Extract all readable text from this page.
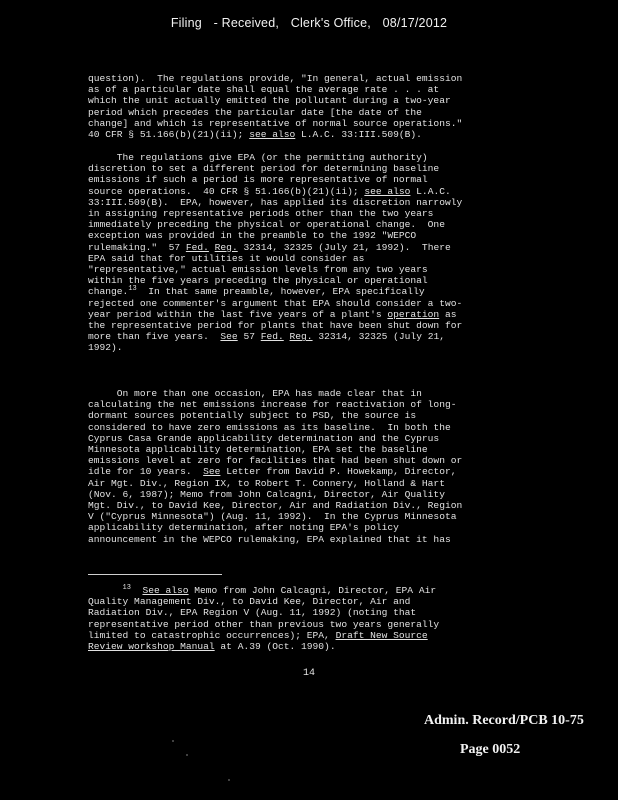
Filing - Received, Clerk's Office, 08/17/2012
question).  The regulations provide, "In general, actual emission
as of a particular date shall equal the average rate . . . at
which the unit actually emitted the pollutant during a two-year
period which precedes the particular date [the date of the
change] and which is representative of normal source operations."
40 CFR § 51.166(b)(21)(ii); see also L.A.C. 33:III.509(B).
The regulations give EPA (or the permitting authority)
discretion to set a different period for determining baseline
emissions if such a period is more representative of normal
source operations.  40 CFR § 51.166(b)(21)(ii); see also L.A.C.
33:III.509(B).  EPA, however, has applied its discretion narrowly
in assigning representative periods other than the two years
immediately preceding the physical or operational change.  One
exception was provided in the preamble to the 1992 "WEPCO
rulemaking."  57 Fed. Reg. 32314, 32325 (July 21, 1992).  There
EPA said that for utilities it would consider as
"representative," actual emission levels from any two years
within the five years preceding the physical or operational
change.$^{13}$  In that same preamble, however, EPA specifically
rejected one commenter's argument that EPA should consider a two-
year period within the last five years of a plant's operation as
the representative period for plants that have been shut down for
more than five years.  See 57 Fed. Reg. 32314, 32325 (July 21,
1992).
On more than one occasion, EPA has made clear that in
calculating the net emissions increase for reactivation of long-
dormant sources potentially subject to PSD, the source is
considered to have zero emissions as its baseline.  In both the
Cyprus Casa Grande applicability determination and the Cyprus
Minnesota applicability determination, EPA set the baseline
emissions level at zero for facilities that had been shut down or
idle for 10 years.  See Letter from David P. Howekamp, Director,
Air Mgt. Div., Region IX, to Robert T. Connery, Holland & Hart
(Nov. 6, 1987); Memo from John Calcagni, Director, Air Quality
Mgt. Div., to David Kee, Director, Air and Radiation Div., Region
V ("Cyprus Minnesota") (Aug. 11, 1992).  In the Cyprus Minnesota
applicability determination, after noting EPA's policy
announcement in the WEPCO rulemaking, EPA explained that it has
$^{13}$ See also Memo from John Calcagni, Director, EPA Air
Quality Management Div., to David Kee, Director, Air and
Radiation Div., EPA Region V (Aug. 11, 1992) (noting that
representative period other than previous two years generally
limited to catastrophic occurrences); EPA, Draft New Source
Review workshop Manual at A.39 (Oct. 1990).
14
Admin. Record/PCB 10-75
Page 0052
